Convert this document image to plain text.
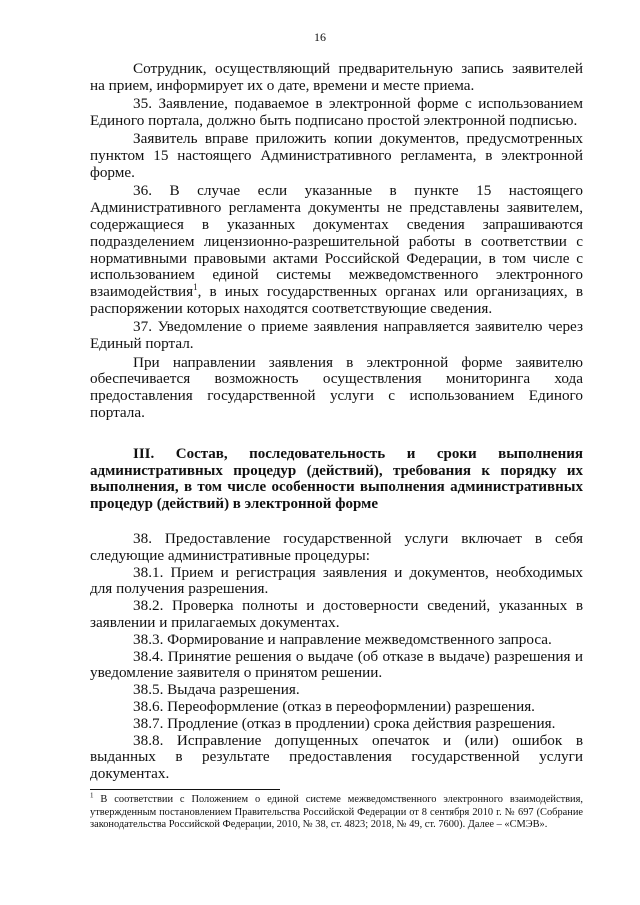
16

Сотрудник, осуществляющий предварительную запись заявителей на прием, информирует их о дате, времени и месте приема.

35. Заявление, подаваемое в электронной форме с использованием Единого портала, должно быть подписано простой электронной подписью.

Заявитель вправе приложить копии документов, предусмотренных пунктом 15 настоящего Административного регламента, в электронной форме.

36. В случае если указанные в пункте 15 настоящего Административного регламента документы не представлены заявителем, содержащиеся в указанных документах сведения запрашиваются подразделением лицензионно-разрешительной работы в соответствии с нормативными правовыми актами Российской Федерации, в том числе с использованием единой системы межведомственного электронного взаимодействия$^1$, в иных государственных органах или организациях, в распоряжении которых находятся соответствующие сведения.

37. Уведомление о приеме заявления направляется заявителю через Единый портал.

При направлении заявления в электронной форме заявителю обеспечивается возможность осуществления мониторинга хода предоставления государственной услуги с использованием Единого портала.

III. Состав, последовательность и сроки выполнения административных процедур (действий), требования к порядку их выполнения, в том числе особенности выполнения административных процедур (действий) в электронной форме

38. Предоставление государственной услуги включает в себя следующие административные процедуры:

38.1. Прием и регистрация заявления и документов, необходимых для получения разрешения.

38.2. Проверка полноты и достоверности сведений, указанных в заявлении и прилагаемых документах.

38.3. Формирование и направление межведомственного запроса.

38.4. Принятие решения о выдаче (об отказе в выдаче) разрешения и уведомление заявителя о принятом решении.

38.5. Выдача разрешения.

38.6. Переоформление (отказ в переоформлении) разрешения.

38.7. Продление (отказ в продлении) срока действия разрешения.

38.8. Исправление допущенных опечаток и (или) ошибок в выданных в результате предоставления государственной услуги документах.

$^1$ В соответствии с Положением о единой системе межведомственного электронного взаимодействия, утвержденным постановлением Правительства Российской Федерации от 8 сентября 2010 г. № 697 (Собрание законодательства Российской Федерации, 2010, № 38, ст. 4823; 2018, № 49, ст. 7600). Далее – «СМЭВ».
